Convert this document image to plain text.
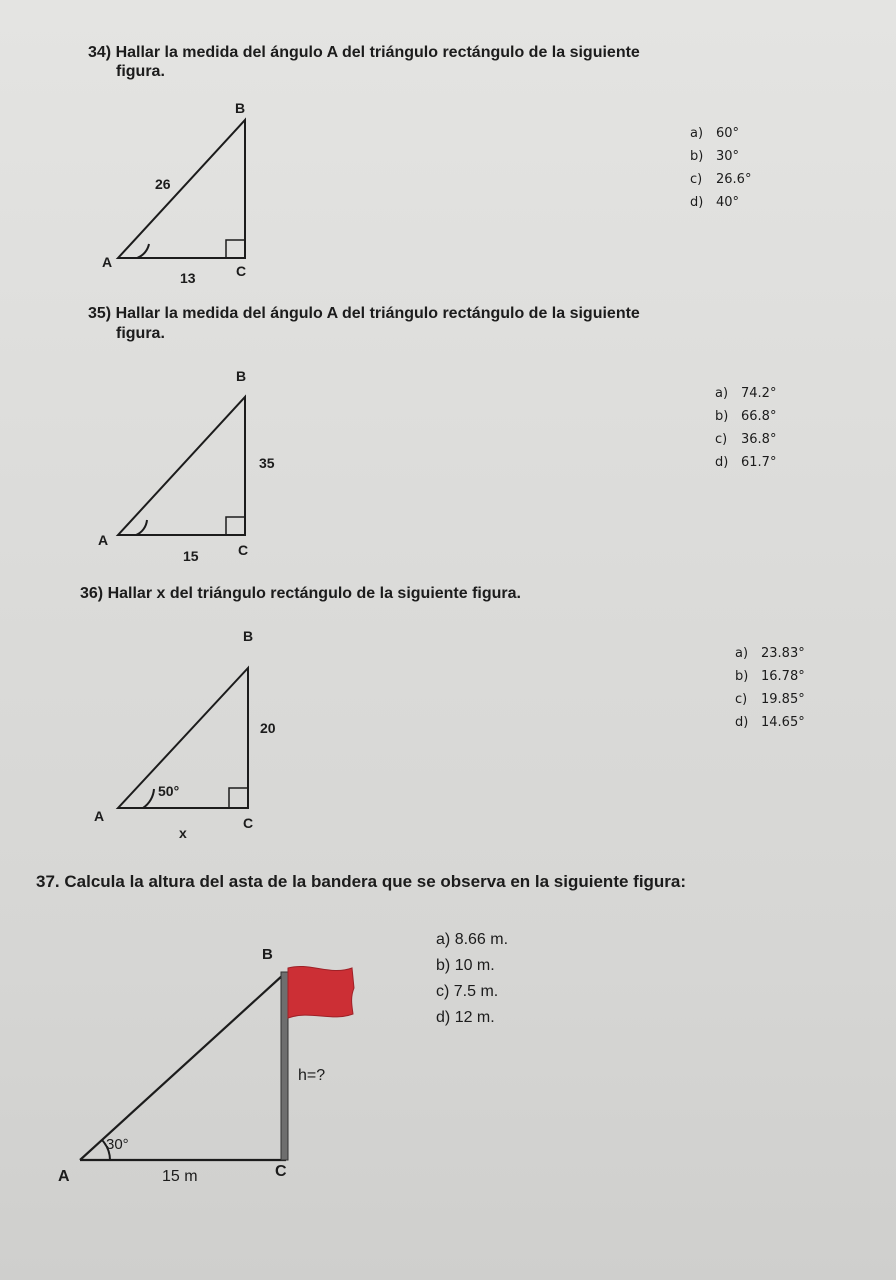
34) Hallar la medida del ángulo A del triángulo rectángulo de la siguiente
figura.
B
26
A
13	C
a) 60°
b) 30°
c) 26.6°
d) 40°
35) Hallar la medida del ángulo A del triángulo rectángulo de la siguiente
figura.
B
35
A
15	C
a) 74.2°
b) 66.8°
c) 36.8°
d) 61.7°
36) Hallar x del triángulo rectángulo de la siguiente figura.
B
20
50°
A
x
C
a) 23.83°
b) 16.78°
c) 19.85°
d) 14.65°
37. Calcula la altura del asta de la bandera que se observa en la siguiente figura:
B
h=?
30°
A	15 m	C
a) 8.66 m.
b) 10 m.
c) 7.5 m.
d) 12 m.
